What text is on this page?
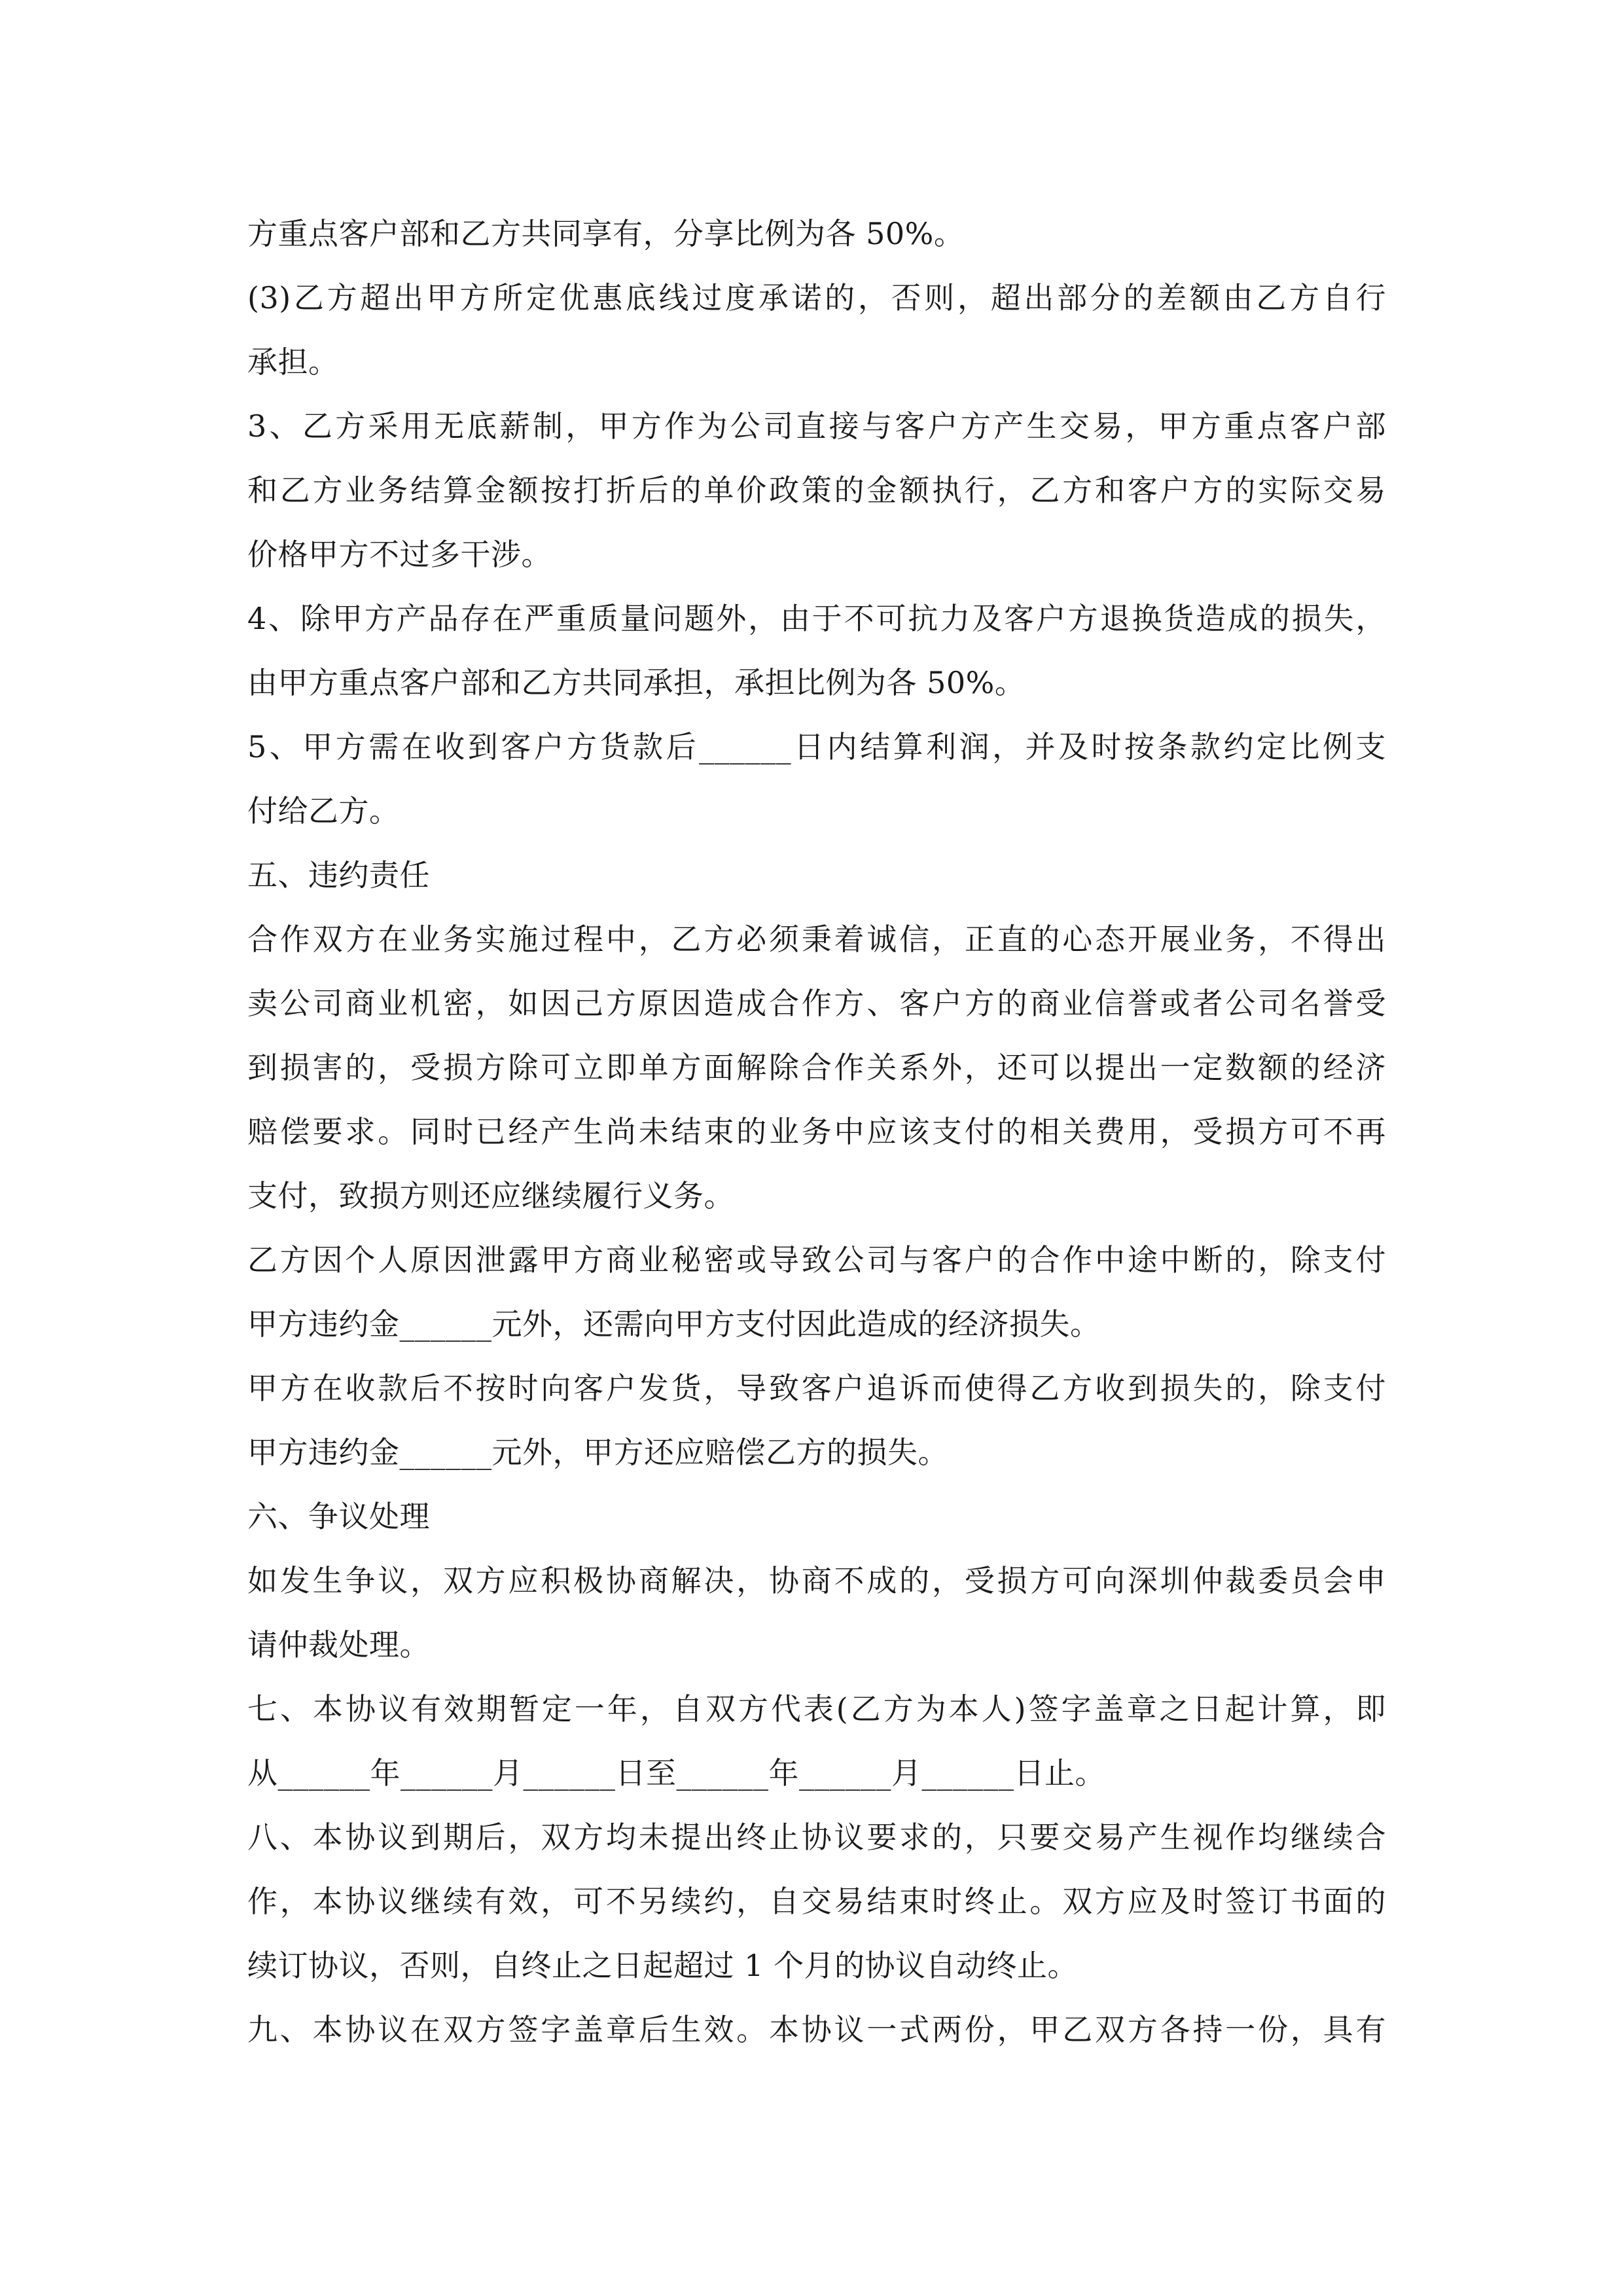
方重点客户部和乙方共同享有，分享比例为各 50%。
(3)乙方超出甲方所定优惠底线过度承诺的，否则，超出部分的差额由乙方自行
承担。
3、乙方采用无底薪制，甲方作为公司直接与客户方产生交易，甲方重点客户部
和乙方业务结算金额按打折后的单价政策的金额执行，乙方和客户方的实际交易
价格甲方不过多干涉。
4、除甲方产品存在严重质量问题外，由于不可抗力及客户方退换货造成的损失，
由甲方重点客户部和乙方共同承担，承担比例为各 50%。
5、甲方需在收到客户方货款后______日内结算利润，并及时按条款约定比例支
付给乙方。
五、违约责任
合作双方在业务实施过程中，乙方必须秉着诚信，正直的心态开展业务，不得出
卖公司商业机密，如因己方原因造成合作方、客户方的商业信誉或者公司名誉受
到损害的，受损方除可立即单方面解除合作关系外，还可以提出一定数额的经济
赔偿要求。同时已经产生尚未结束的业务中应该支付的相关费用，受损方可不再
支付，致损方则还应继续履行义务。
乙方因个人原因泄露甲方商业秘密或导致公司与客户的合作中途中断的，除支付
甲方违约金______元外，还需向甲方支付因此造成的经济损失。
甲方在收款后不按时向客户发货，导致客户追诉而使得乙方收到损失的，除支付
甲方违约金______元外，甲方还应赔偿乙方的损失。
六、争议处理
如发生争议，双方应积极协商解决，协商不成的，受损方可向深圳仲裁委员会申
请仲裁处理。
七、本协议有效期暂定一年，自双方代表(乙方为本人)签字盖章之日起计算，即
从______年______月______日至______年______月______日止。
八、本协议到期后，双方均未提出终止协议要求的，只要交易产生视作均继续合
作，本协议继续有效，可不另续约，自交易结束时终止。双方应及时签订书面的
续订协议，否则，自终止之日起超过 1 个月的协议自动终止。
九、本协议在双方签字盖章后生效。本协议一式两份，甲乙双方各持一份，具有
